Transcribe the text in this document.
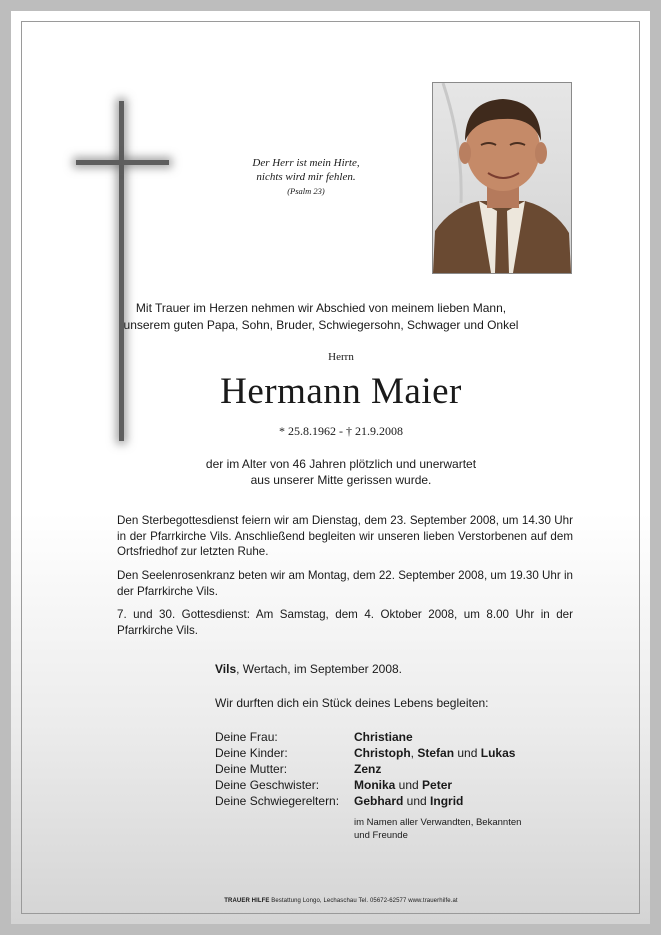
Der Herr ist mein Hirte,
nichts wird mir fehlen.
(Psalm 23)
Mit Trauer im Herzen nehmen wir Abschied von meinem lieben Mann,
unserem guten Papa, Sohn, Bruder, Schwiegersohn, Schwager und Onkel
Herrn
Hermann Maier
* 25.8.1962 - † 21.9.2008
der im Alter von 46 Jahren plötzlich und unerwartet
aus unserer Mitte gerissen wurde.
Den Sterbegottesdienst feiern wir am Dienstag, dem 23. September 2008, um 14.30 Uhr in der Pfarrkirche Vils. Anschließend begleiten wir unseren lieben Verstorbenen auf dem Ortsfriedhof zur letzten Ruhe.
Den Seelenrosenkranz beten wir am Montag, dem 22. September 2008, um 19.30 Uhr in der Pfarrkirche Vils.
7. und 30. Gottesdienst: Am Samstag, dem 4. Oktober 2008, um 8.00 Uhr in der Pfarrkirche Vils.
Vils, Wertach, im September 2008.
Wir durften dich ein Stück deines Lebens begleiten:
Deine Frau:	Christiane
Deine Kinder:	Christoph, Stefan und Lukas
Deine Mutter:	Zenz
Deine Geschwister:	Monika und Peter
Deine Schwiegereltern:	Gebhard und Ingrid
im Namen aller Verwandten, Bekannten
und Freunde
TRAUER HILFE Bestattung Longo, Lechaschau Tel. 05672-62577 www.trauerhilfe.at
